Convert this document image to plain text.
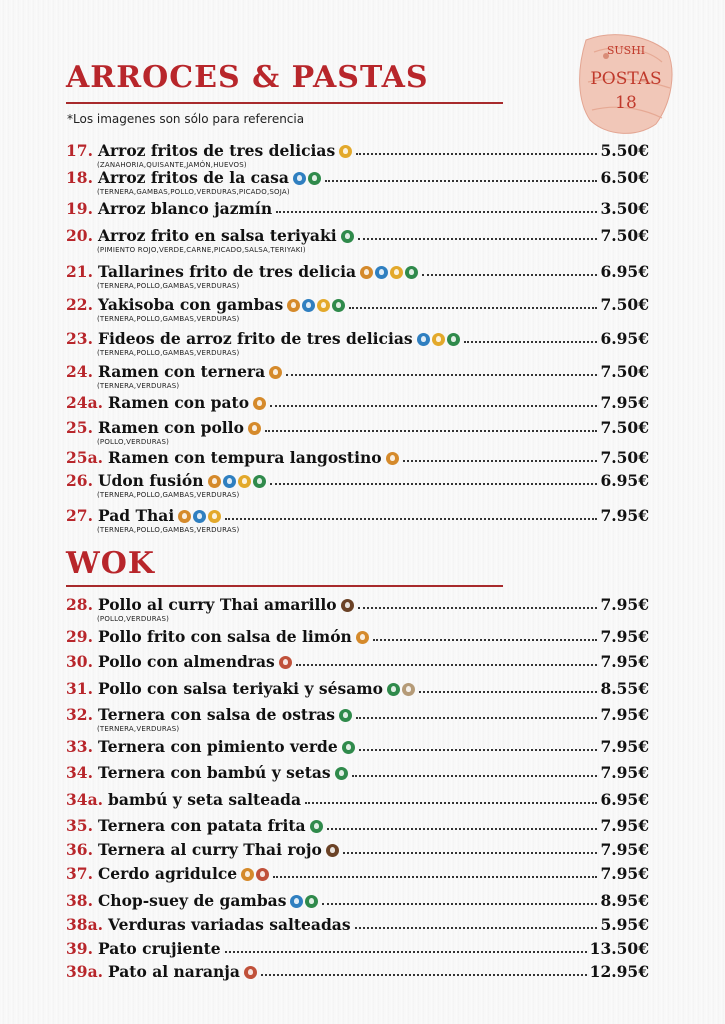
SUSHI
POSTAS
18
ARROCES & PASTAS
*Los imagenes son sólo para referencia
17. Arroz fritos de tres delicias	5.50€
(ZANAHORIA,QUISANTE,JAMÓN,HUEVOS)
18. Arroz fritos de la casa	6.50€
(TERNERA,GAMBAS,POLLO,VERDURAS,PICADO,SOJA)
19. Arroz blanco jazmín	3.50€
20. Arroz frito en salsa teriyaki	7.50€
(PIMIENTO ROJO,VERDE,CARNE,PICADO,SALSA,TERIYAKI)
21. Tallarines frito de tres delicia	6.95€
(TERNERA,POLLO,GAMBAS,VERDURAS)
22. Yakisoba con gambas	7.50€
(TERNERA,POLLO,GAMBAS,VERDURAS)
23. Fideos de arroz frito de tres delicias	6.95€
(TERNERA,POLLO,GAMBAS,VERDURAS)
24. Ramen con ternera	7.50€
(TERNERA,VERDURAS)
24a. Ramen con pato	7.95€
25. Ramen con pollo	7.50€
(POLLO,VERDURAS)
25a. Ramen con tempura langostino	7.50€
26. Udon fusión	6.95€
(TERNERA,POLLO,GAMBAS,VERDURAS)
27. Pad Thai	7.95€
(TERNERA,POLLO,GAMBAS,VERDURAS)
WOK
28. Pollo al curry Thai amarillo	7.95€
(POLLO,VERDURAS)
29. Pollo frito con salsa de limón	7.95€
30. Pollo con almendras	7.95€
31. Pollo con salsa teriyaki y sésamo	8.55€
32. Ternera con salsa de ostras	7.95€
(TERNERA,VERDURAS)
33. Ternera con pimiento verde	7.95€
34. Ternera con bambú y setas	7.95€
34a. bambú y seta salteada	6.95€
35. Ternera con patata frita	7.95€
36. Ternera al curry Thai rojo	7.95€
37. Cerdo agridulce	7.95€
38. Chop-suey de gambas	8.95€
38a. Verduras variadas salteadas	5.95€
39. Pato crujiente	13.50€
39a. Pato al naranja	12.95€
